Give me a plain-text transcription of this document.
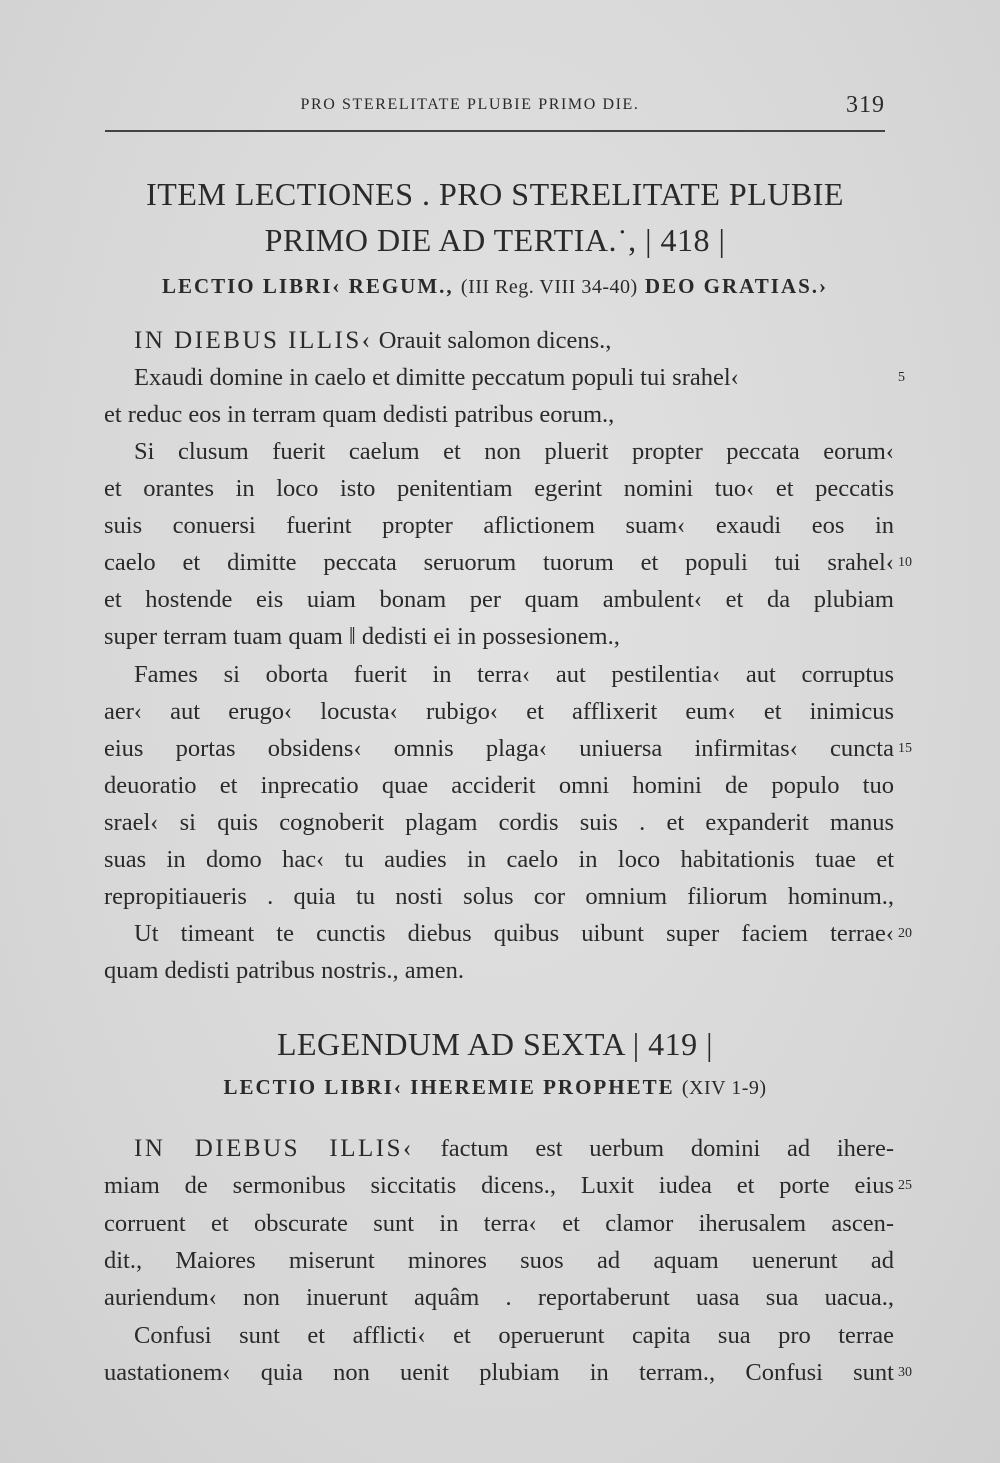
PRO STERELITATE PLUBIE PRIMO DIE.	319
ITEM LECTIONES . PRO STERELITATE PLUBIE
PRIMO DIE AD TERTIA.˙, | 418 |
LECTIO LIBRI‹ REGUM., (III Reg. VIII 34-40) DEO GRATIAS.›
IN DIEBUS ILLIS‹ Orauit salomon dicens.,
Exaudi domine in caelo et dimitte peccatum populi tui srahel‹
et reduc eos in terram quam dedisti patribus eorum.,
Si clusum fuerit caelum et non pluerit propter peccata eorum‹
et orantes in loco isto penitentiam egerint nomini tuo‹ et peccatis
suis conuersi fuerint propter aflictionem suam‹ exaudi eos in
caelo et dimitte peccata seruorum tuorum et populi tui srahel‹
et hostende eis uiam bonam per quam ambulent‹ et da plubiam
super terram tuam quam ‖ dedisti ei in possesionem.,
Fames si oborta fuerit in terra‹ aut pestilentia‹ aut corruptus
aer‹ aut erugo‹ locusta‹ rubigo‹ et afflixerit eum‹ et inimicus
eius portas obsidens‹ omnis plaga‹ uniuersa infirmitas‹ cuncta
deuoratio et inprecatio quae acciderit omni homini de populo tuo
srael‹ si quis cognoberit plagam cordis suis . et expanderit manus
suas in domo hac‹ tu audies in caelo in loco habitationis tuae et
repropitiaueris . quia tu nosti solus cor omnium filiorum hominum.,
Ut timeant te cunctis diebus quibus uibunt super faciem terrae‹
quam dedisti patribus nostris., amen.
LEGENDUM AD SEXTA | 419 |
LECTIO LIBRI‹ IHEREMIE PROPHETE (XIV 1-9)
IN DIEBUS ILLIS‹ factum est uerbum domini ad ihere-
miam de sermonibus siccitatis dicens., Luxit iudea et porte eius
corruent et obscurate sunt in terra‹ et clamor iherusalem ascen-
dit., Maiores miserunt minores suos ad aquam uenerunt ad
auriendum‹ non inuerunt aquâm . reportaberunt uasa sua uacua.,
Confusi sunt et afflicti‹ et operuerunt capita sua pro terrae
uastationem‹ quia non uenit plubiam in terram., Confusi sunt
5
10
15
20
25
30
